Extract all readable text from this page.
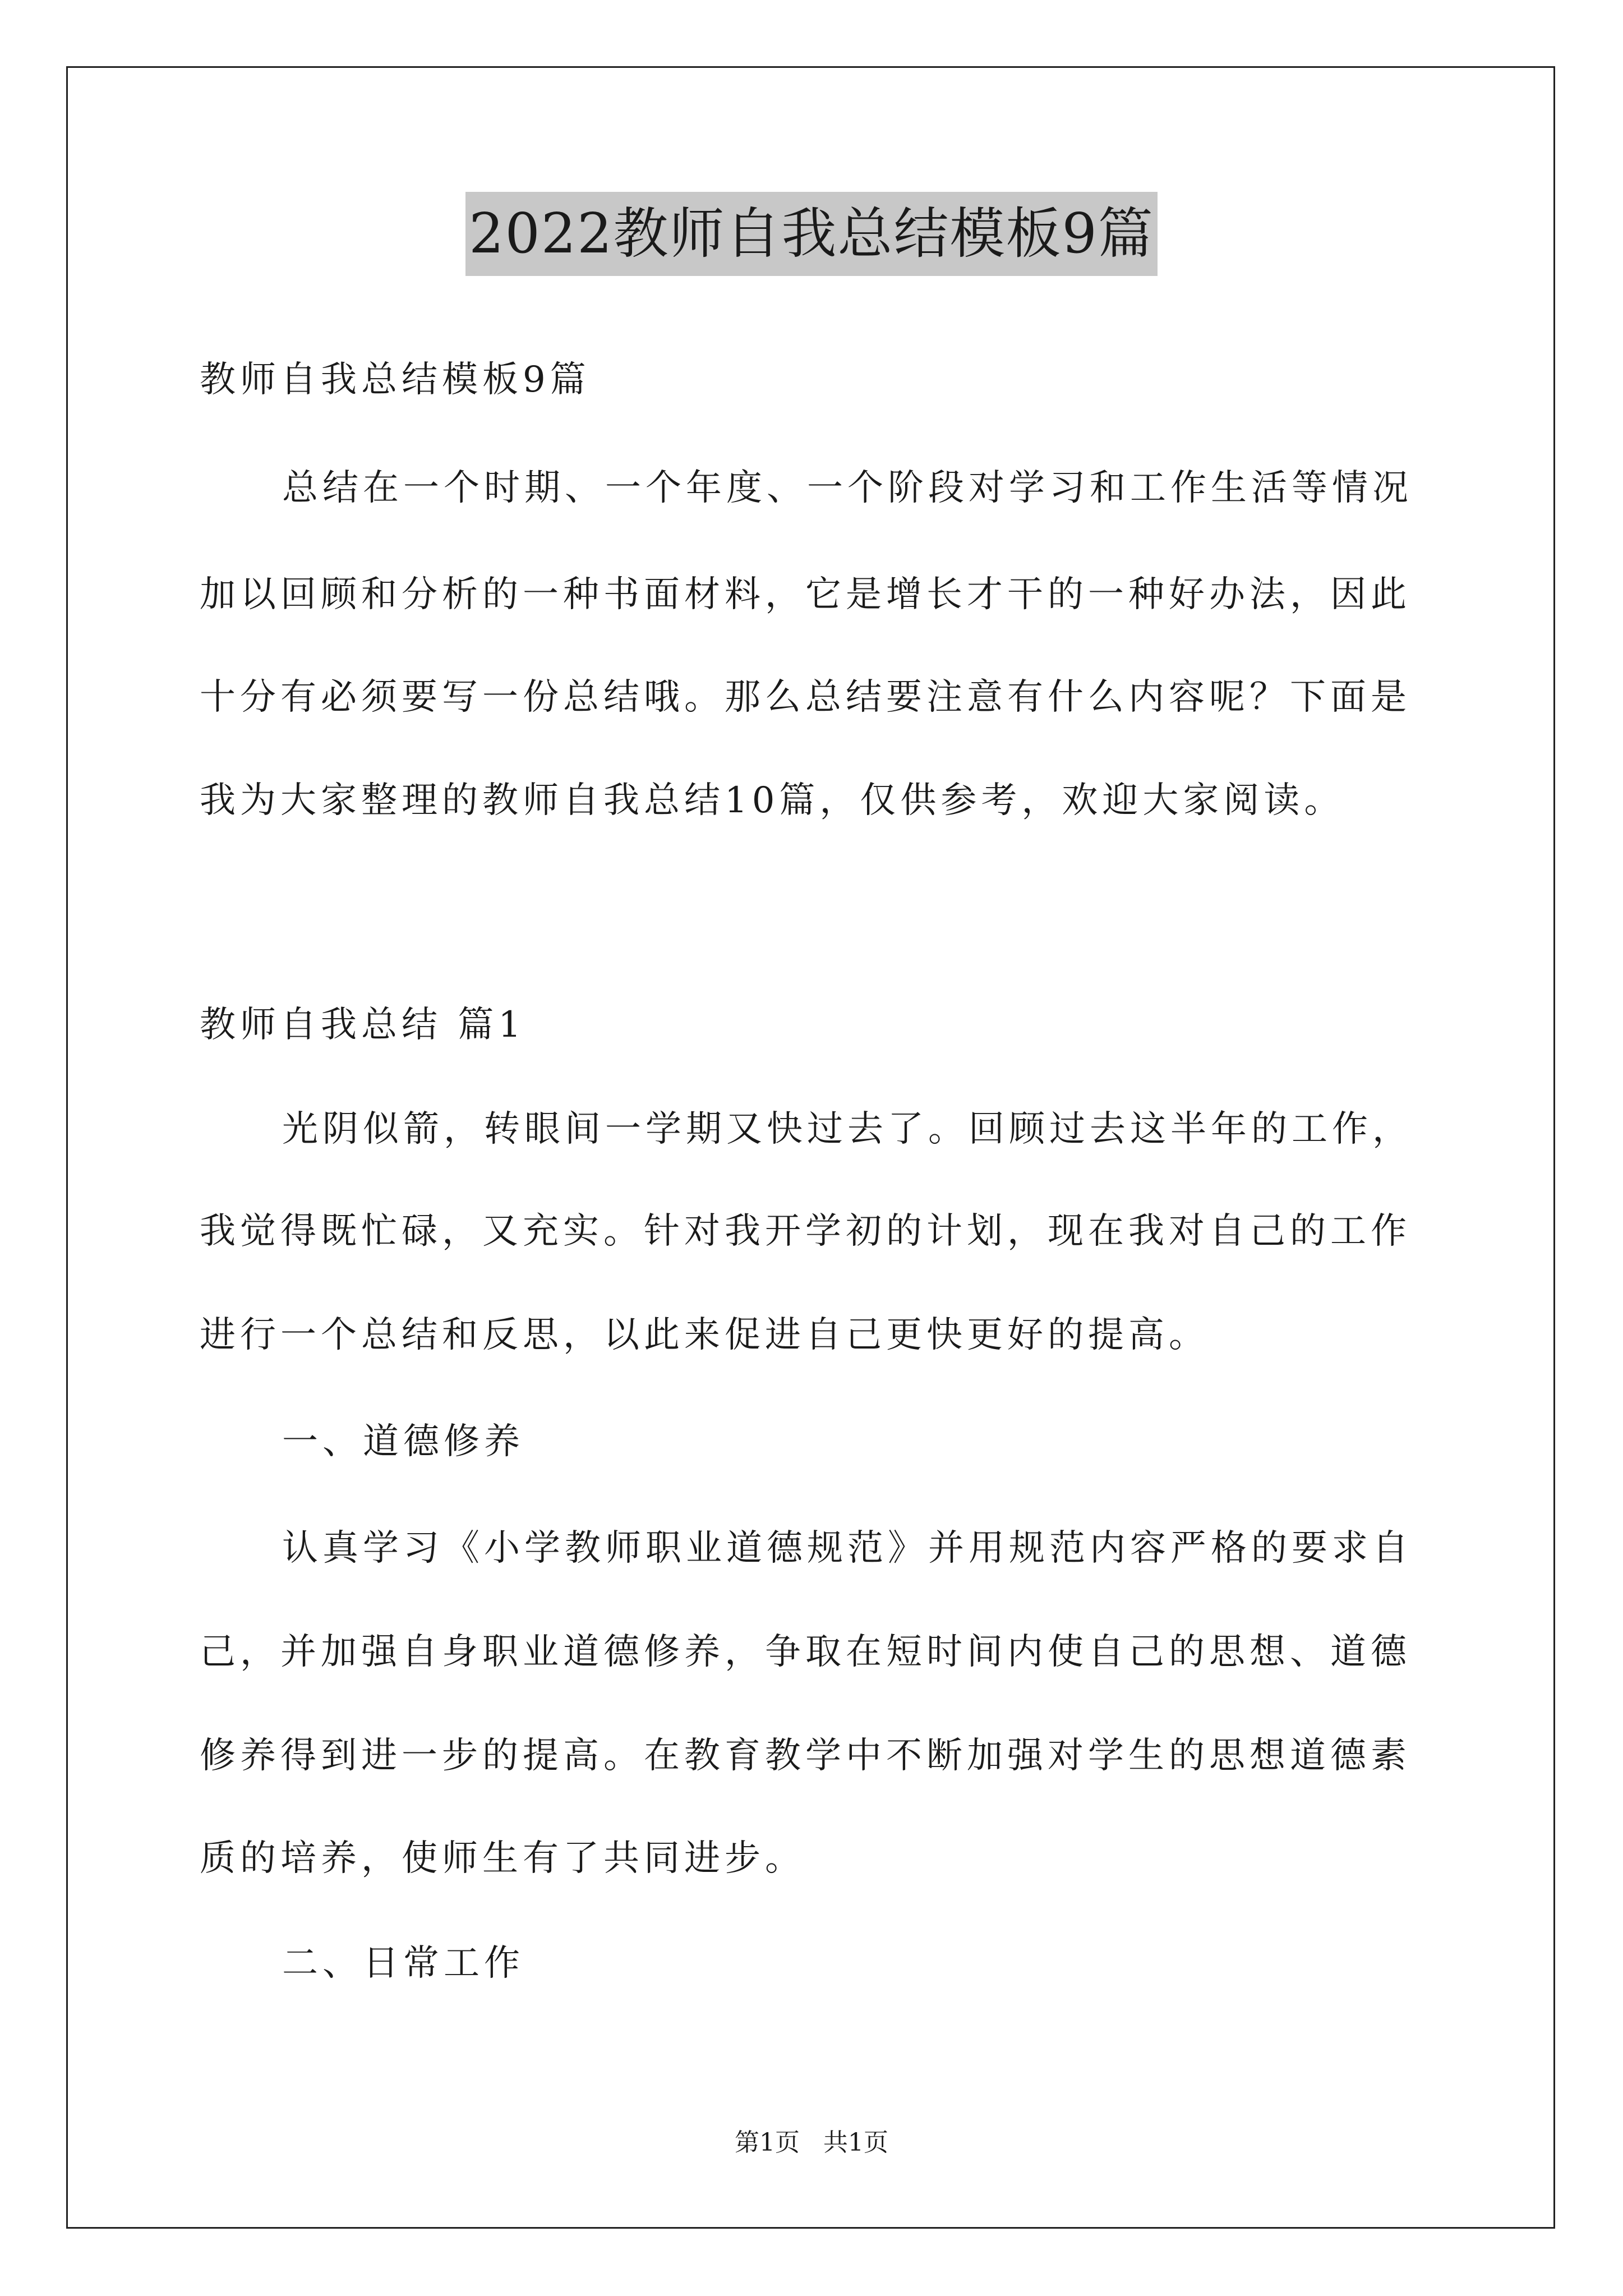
2022教师自我总结模板9篇
教师自我总结模板9篇
总结在一个时期、一个年度、一个阶段对学习和工作生活等情况
加以回顾和分析的一种书面材料，它是增长才干的一种好办法，因此
十分有必须要写一份总结哦。那么总结要注意有什么内容呢？下面是
我为大家整理的教师自我总结10篇，仅供参考，欢迎大家阅读。
教师自我总结 篇1
光阴似箭，转眼间一学期又快过去了。回顾过去这半年的工作，
我觉得既忙碌，又充实。针对我开学初的计划，现在我对自己的工作
进行一个总结和反思，以此来促进自己更快更好的提高。
一、道德修养
认真学习《小学教师职业道德规范》并用规范内容严格的要求自
己，并加强自身职业道德修养，争取在短时间内使自己的思想、道德
修养得到进一步的提高。在教育教学中不断加强对学生的思想道德素
质的培养，使师生有了共同进步。
二、日常工作
第1页 共1页
